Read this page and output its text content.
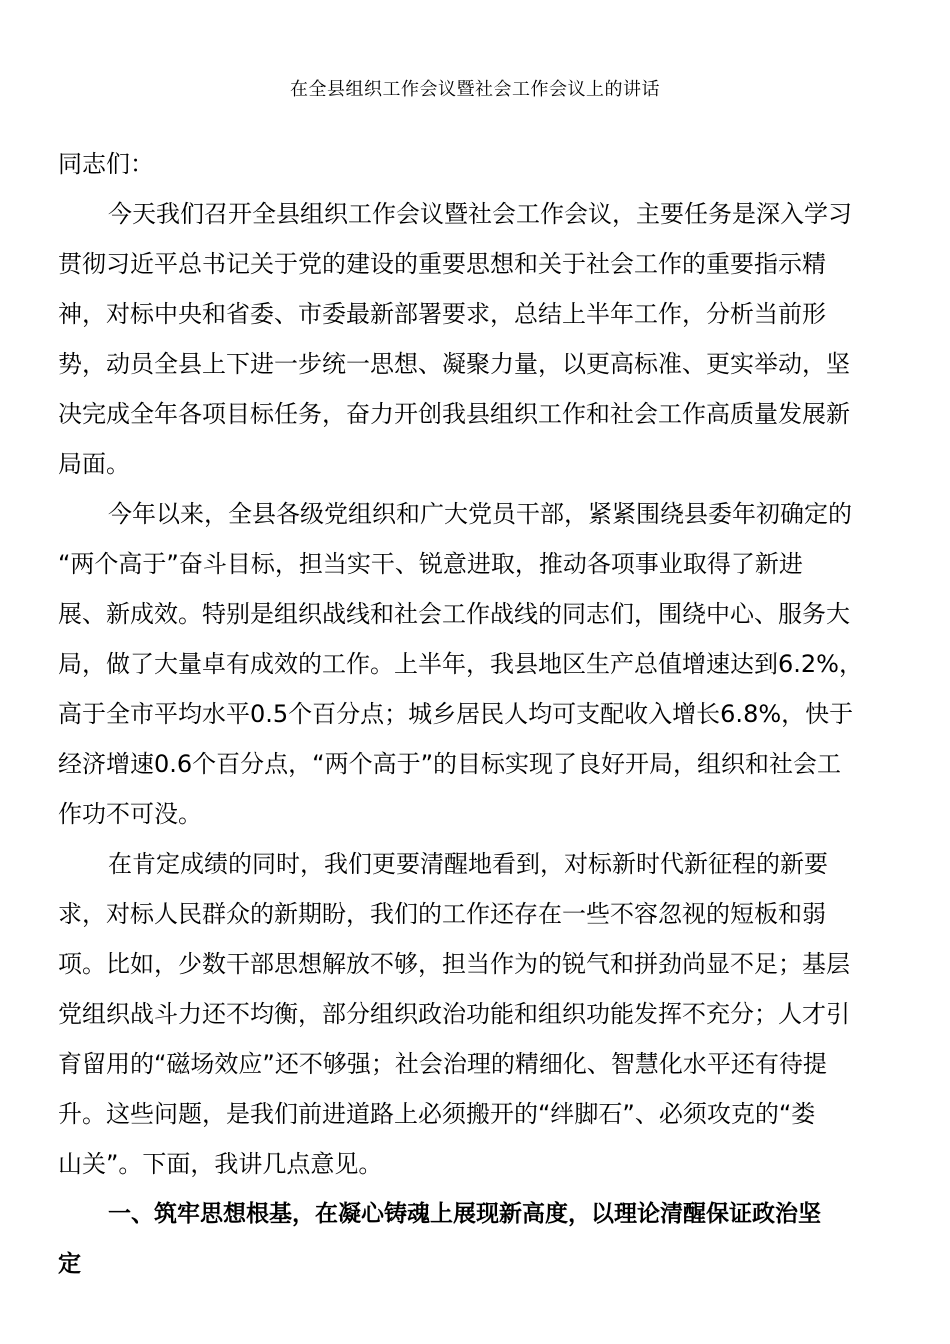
在全县组织工作会议暨社会工作会议上的讲话
同志们：
今天我们召开全县组织工作会议暨社会工作会议，主要任务是深入学习
贯彻习近平总书记关于党的建设的重要思想和关于社会工作的重要指示精
神，对标中央和省委、市委最新部署要求，总结上半年工作，分析当前形
势，动员全县上下进一步统一思想、凝聚力量，以更高标准、更实举动，坚
决完成全年各项目标任务，奋力开创我县组织工作和社会工作高质量发展新
局面。
今年以来，全县各级党组织和广大党员干部，紧紧围绕县委年初确定的
“两个高于”奋斗目标，担当实干、锐意进取，推动各项事业取得了新进
展、新成效。特别是组织战线和社会工作战线的同志们，围绕中心、服务大
局，做了大量卓有成效的工作。上半年，我县地区生产总值增速达到6.2%，
高于全市平均水平0.5个百分点；城乡居民人均可支配收入增长6.8%，快于
经济增速0.6个百分点，“两个高于”的目标实现了良好开局，组织和社会工
作功不可没。
在肯定成绩的同时，我们更要清醒地看到，对标新时代新征程的新要
求，对标人民群众的新期盼，我们的工作还存在一些不容忽视的短板和弱
项。比如，少数干部思想解放不够，担当作为的锐气和拼劲尚显不足；基层
党组织战斗力还不均衡，部分组织政治功能和组织功能发挥不充分；人才引
育留用的“磁场效应”还不够强；社会治理的精细化、智慧化水平还有待提
升。这些问题，是我们前进道路上必须搬开的“绊脚石”、必须攻克的“娄
山关”。下面，我讲几点意见。
一、筑牢思想根基，在凝心铸魂上展现新高度，以理论清醒保证政治坚
定
